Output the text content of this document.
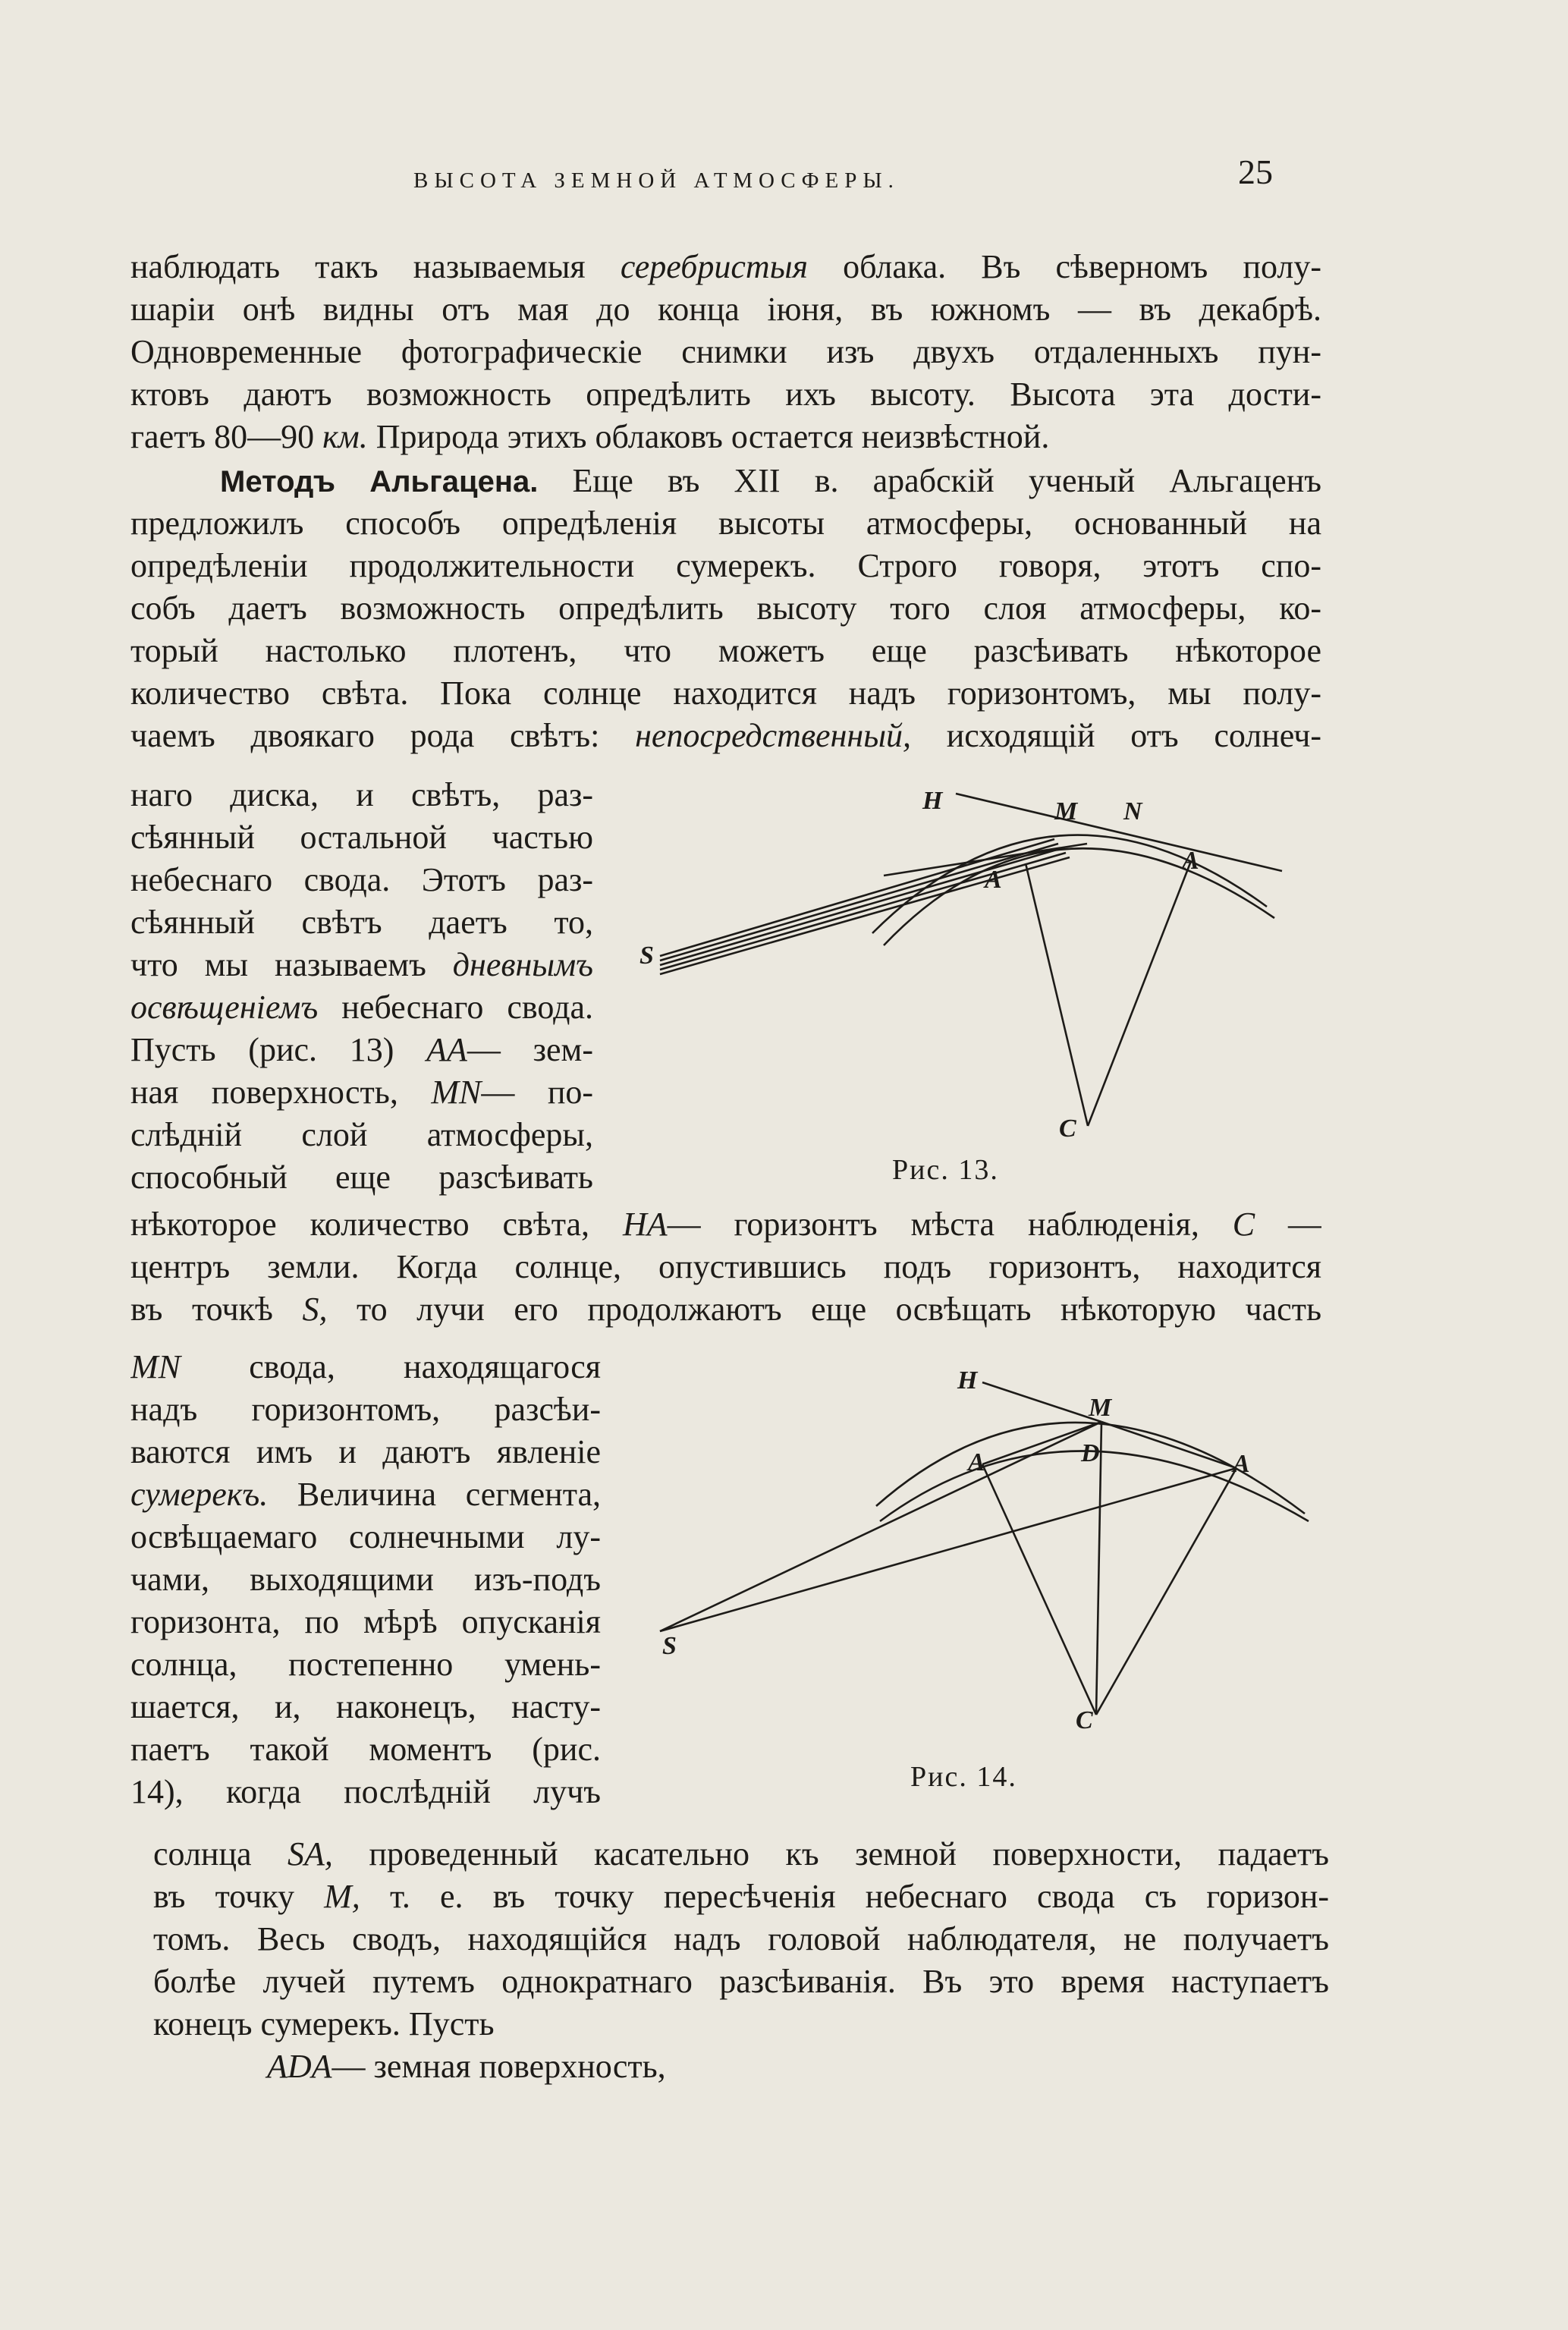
ВЫСОТА ЗЕМНОЙ АТМОСФЕРЫ.	25
наблюдать такъ называемыя серебристыя облака. Въ сѣверномъ полу-
шаріи онѣ видны отъ мая до конца іюня, въ южномъ — въ декабрѣ.
Одновременные фотографическіе снимки изъ двухъ отдаленныхъ пун-
ктовъ даютъ возможность опредѣлить ихъ высоту. Высота эта дости-
гаетъ 80—90 км. Природа этихъ облаковъ остается неизвѣстной.
Методъ Альгацена. Еще въ XII в. арабскій ученый Альгаценъ
предложилъ способъ опредѣленія высоты атмосферы, основанный на
опредѣленіи продолжительности сумерекъ. Строго говоря, этотъ спо-
собъ даетъ возможность опредѣлить высоту того слоя атмосферы, ко-
торый настолько плотенъ, что можетъ еще разсѣивать нѣкоторое
количество свѣта. Пока солнце находится надъ горизонтомъ, мы полу-
чаемъ двоякаго рода свѣтъ: непосредственный, исходящій отъ солнеч-
наго диска, и свѣтъ, раз-
сѣянный остальной частью
небеснаго свода. Этотъ раз-
сѣянный свѣтъ даетъ то,
что мы называемъ дневнымъ
освѣщеніемъ небеснаго свода.
Пусть (рис. 13) AA— зем-
ная поверхность, MN— по-
слѣдній слой атмосферы,
способный еще разсѣивать
H	M N
A
A
S
C
Рис. 13.
нѣкоторое количество свѣта, HA— горизонтъ мѣста наблюденія, C —
центръ земли. Когда солнце, опустившись подъ горизонтъ, находится
въ точкѣ S, то лучи его продолжаютъ еще освѣщать нѣкоторую часть
MN свода, находящагося
надъ горизонтомъ, разсѣи-
ваются имъ и даютъ явленіе
сумерекъ. Величина сегмента,
освѣщаемаго солнечными лу-
чами, выходящими изъ-подъ
горизонта, по мѣрѣ опусканія
солнца, постепенно умень-
шается, и, наконецъ, насту-
паетъ такой моментъ (рис.
14), когда послѣдній лучъ
H
M
D
A	A
S
C
Рис. 14.
солнца SA, проведенный касательно къ земной поверхности, падаетъ
въ точку M, т. е. въ точку пересѣченія небеснаго свода съ горизон-
томъ. Весь сводъ, находящійся надъ головой наблюдателя, не получаетъ
болѣе лучей путемъ однократнаго разсѣиванія. Въ это время наступаетъ
конецъ сумерекъ. Пусть
ADA— земная поверхность,
